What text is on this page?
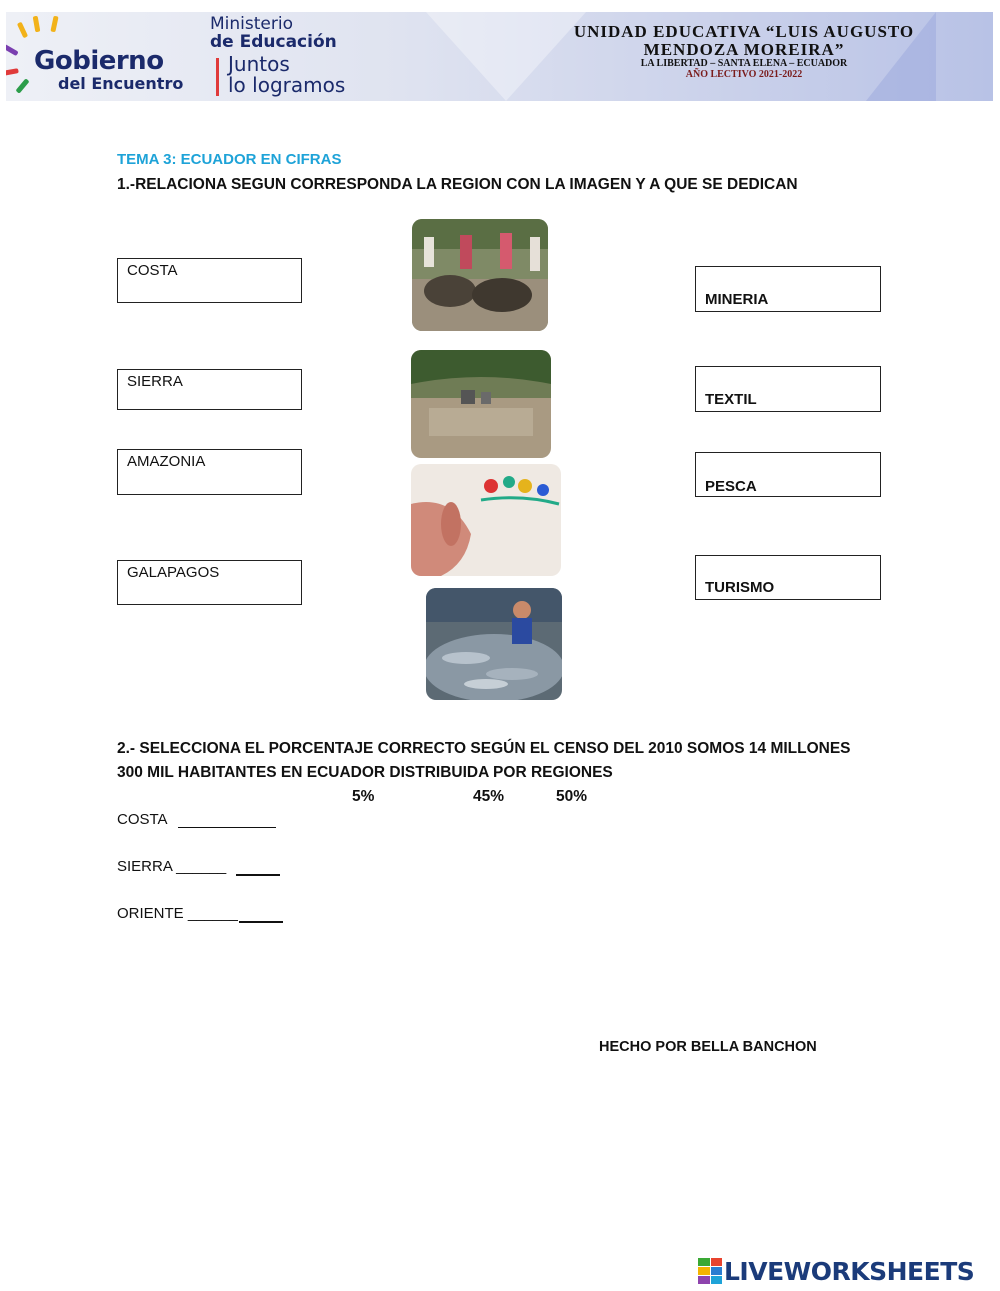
Gobierno
del Encuentro
Ministerio
de Educación
Juntos
lo logramos
UNIDAD EDUCATIVA “LUIS AUGUSTO
MENDOZA MOREIRA”
LA LIBERTAD – SANTA ELENA – ECUADOR
AÑO LECTIVO 2021-2022
TEMA 3: ECUADOR EN CIFRAS
1.-RELACIONA SEGUN CORRESPONDA LA REGION CON LA IMAGEN Y A QUE SE DEDICAN
COSTA
SIERRA
AMAZONIA
GALAPAGOS
MINERIA
TEXTIL
PESCA
TURISMO
2.- SELECCIONA EL PORCENTAJE CORRECTO SEGÚN EL CENSO DEL 2010 SOMOS 14 MILLONES
300 MIL HABITANTES EN ECUADOR DISTRIBUIDA POR REGIONES
5%	45%	50%
COSTA
SIERRA ______
ORIENTE ______
HECHO POR BELLA BANCHON
LIVEWORKSHEETS
